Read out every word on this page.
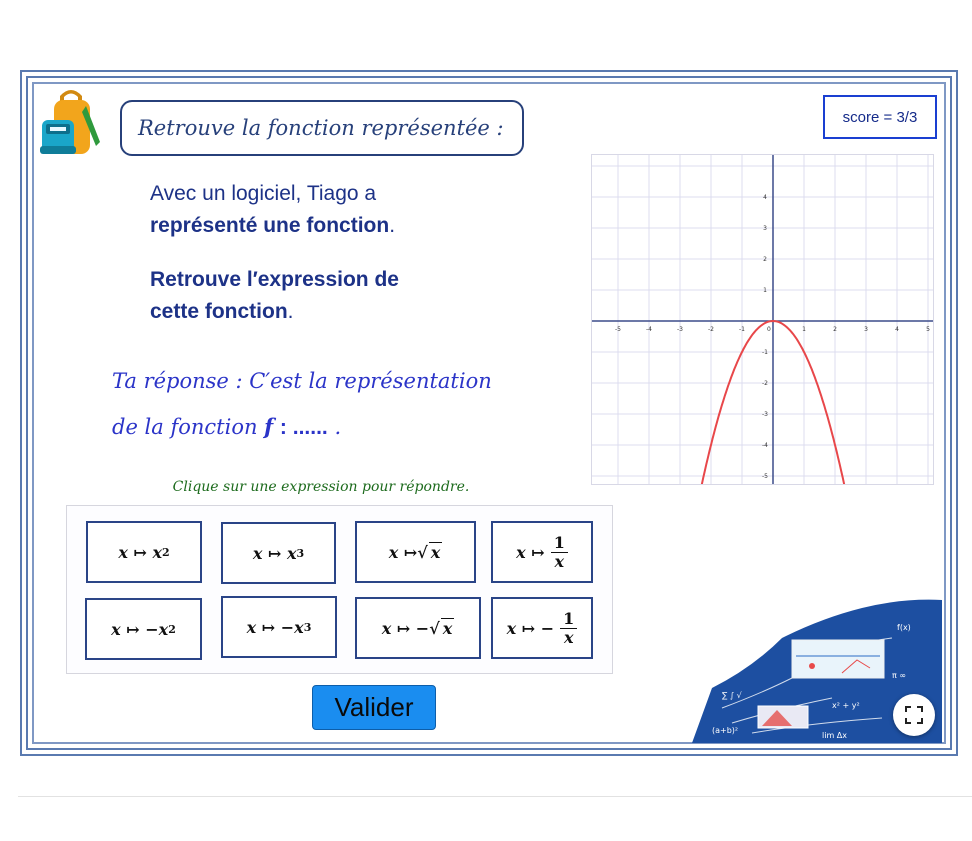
Retrouve la fonction représentée :	score = 3/3
Avec un logiciel, Tiago a
représenté une fonction.
Retrouve l′expression de
cette fonction.
Ta réponse : C′est la représentation
de la fonction f : ...... .
-5	-4	-3	-2	-1	1	2	3	4	5
0
4
3
2
1
-1
-2
-3
-4
-5
Clique sur une expression pour répondre.
x ↦ x 2	x ↦ x 3	x ↦ √ x	x ↦ $\frac{1}{x}$
x ↦ −x 2	x ↦ −x 3	x ↦ − √ x	x ↦ − $\frac{1}{x}$
Valider
f(x)
∑ ∫ √
x² + y²
π ∞
(a+b)²
lim Δx
